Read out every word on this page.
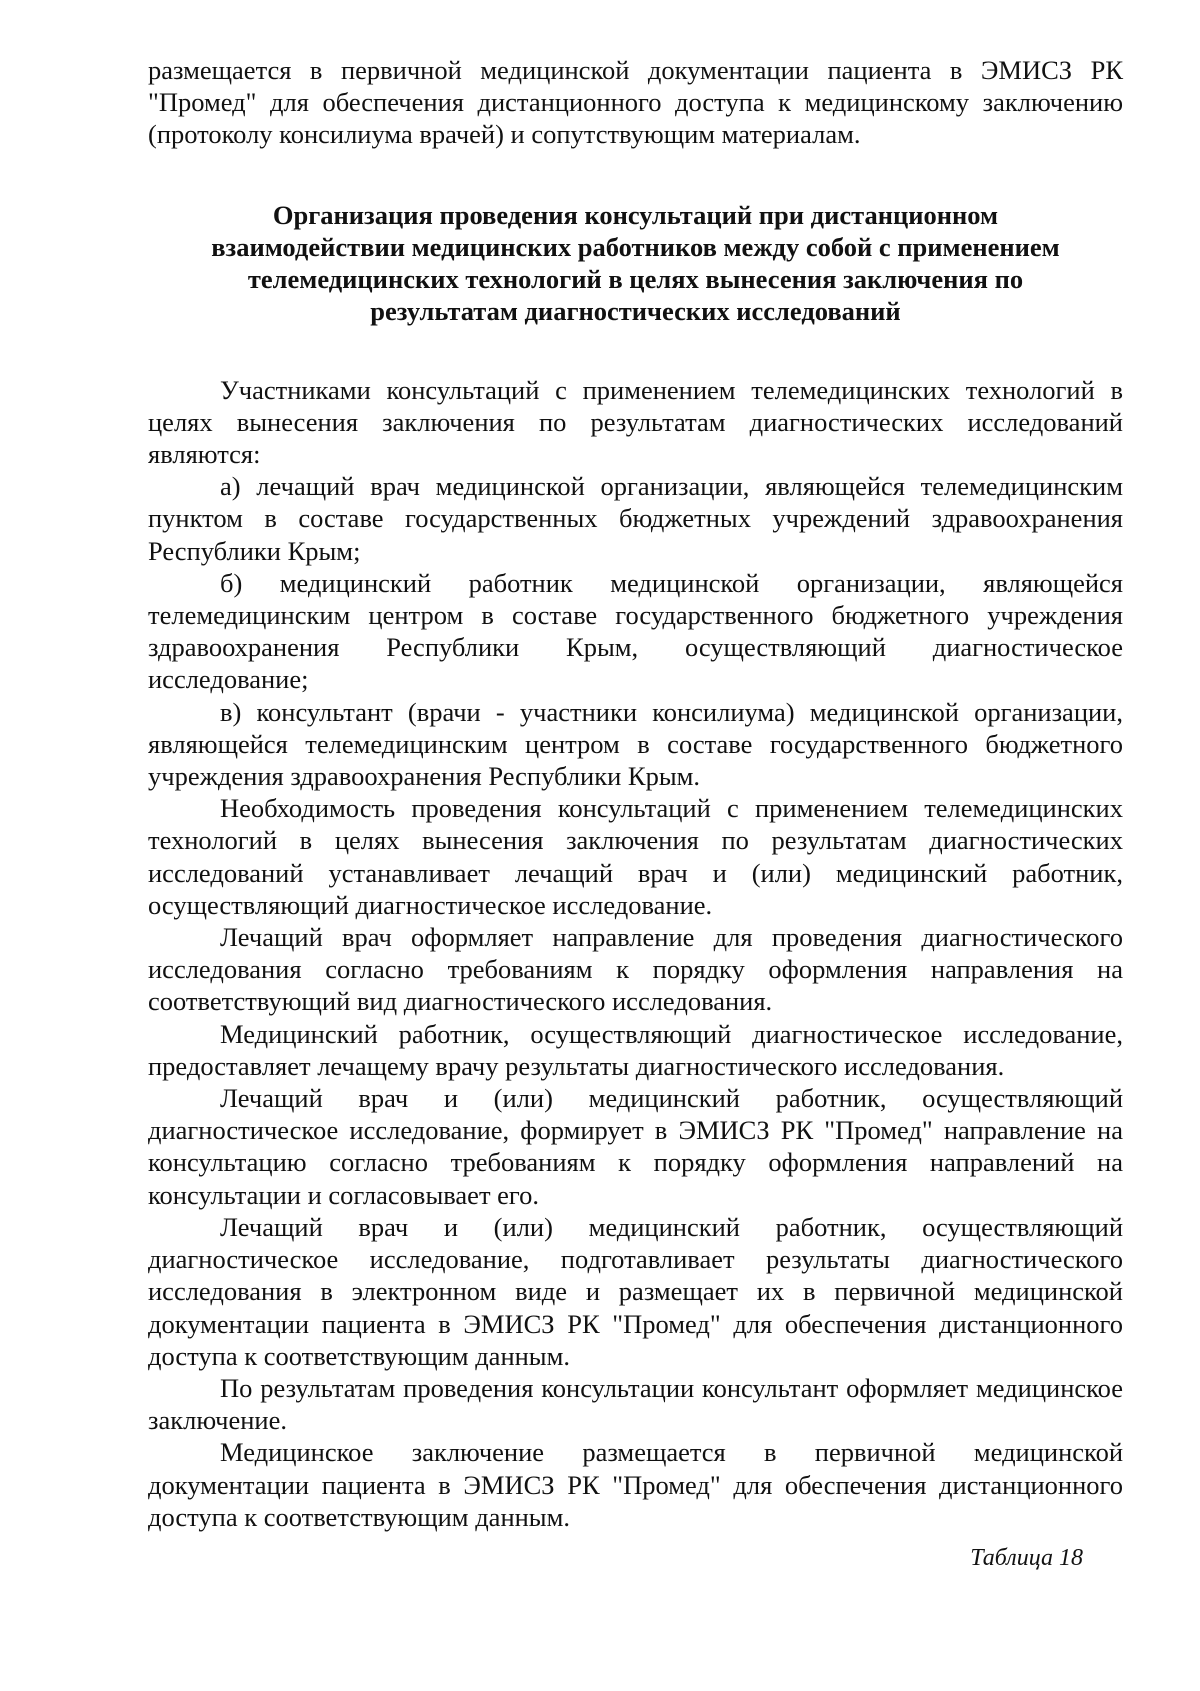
размещается в первичной медицинской документации пациента в ЭМИСЗ РК "Промед" для обеспечения дистанционного доступа к медицинскому заключению (протоколу консилиума врачей) и сопутствующим материалам.

Организация проведения консультаций при дистанционном взаимодействии медицинских работников между собой с применением телемедицинских технологий в целях вынесения заключения по результатам диагностических исследований

Участниками консультаций с применением телемедицинских технологий в целях вынесения заключения по результатам диагностических исследований являются:

а) лечащий врач медицинской организации, являющейся телемедицинским пунктом в составе государственных бюджетных учреждений здравоохранения Республики Крым;

б) медицинский работник медицинской организации, являющейся телемедицинским центром в составе государственного бюджетного учреждения здравоохранения Республики Крым, осуществляющий диагностическое исследование;

в) консультант (врачи - участники консилиума) медицинской организации, являющейся телемедицинским центром в составе государственного бюджетного учреждения здравоохранения Республики Крым.

Необходимость проведения консультаций с применением телемедицинских технологий в целях вынесения заключения по результатам диагностических исследований устанавливает лечащий врач и (или) медицинский работник, осуществляющий диагностическое исследование.

Лечащий врач оформляет направление для проведения диагностического исследования согласно требованиям к порядку оформления направления на соответствующий вид диагностического исследования.

Медицинский работник, осуществляющий диагностическое исследование, предоставляет лечащему врачу результаты диагностического исследования.

Лечащий врач и (или) медицинский работник, осуществляющий диагностическое исследование, формирует в ЭМИСЗ РК "Промед" направление на консультацию согласно требованиям к порядку оформления направлений на консультации и согласовывает его.

Лечащий врач и (или) медицинский работник, осуществляющий диагностическое исследование, подготавливает результаты диагностического исследования в электронном виде и размещает их в первичной медицинской документации пациента в ЭМИСЗ РК "Промед" для обеспечения дистанционного доступа к соответствующим данным.

По результатам проведения консультации консультант оформляет медицинское заключение.

Медицинское заключение размещается в первичной медицинской документации пациента в ЭМИСЗ РК "Промед" для обеспечения дистанционного доступа к соответствующим данным.

Таблица 18
